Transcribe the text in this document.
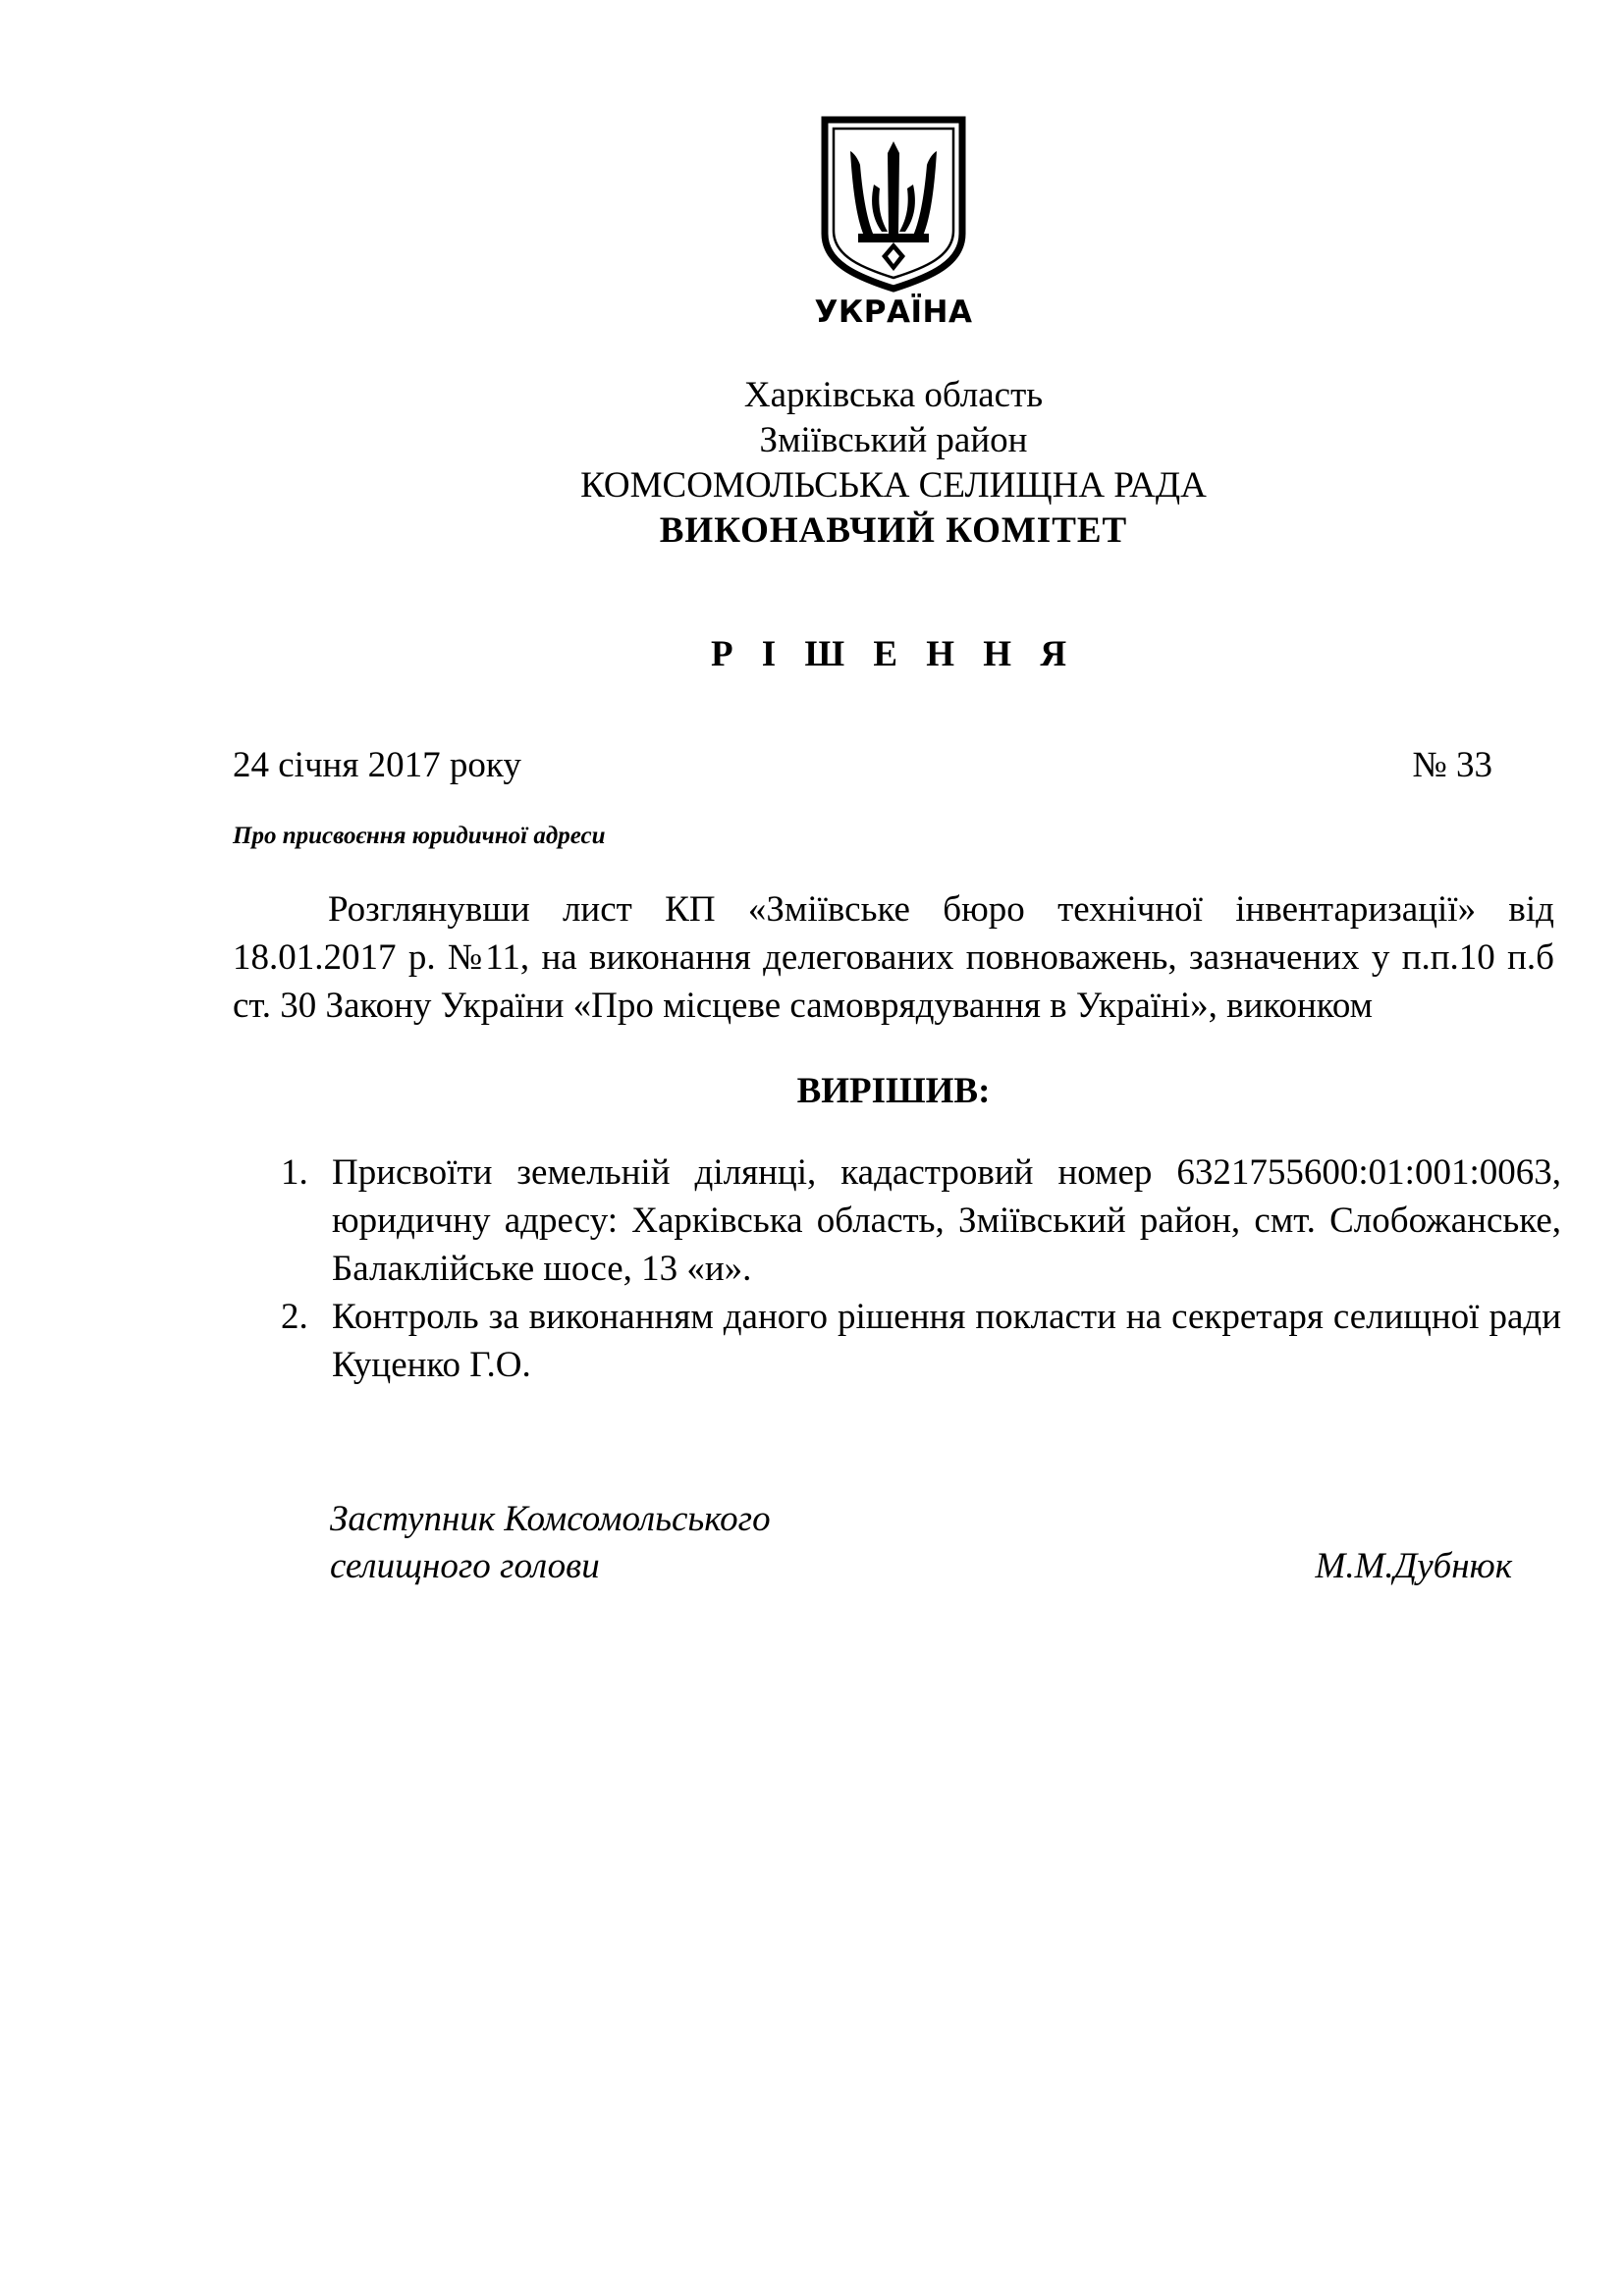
УКРАЇНА
Харківська область
Зміївський район
КОМСОМОЛЬСЬКА СЕЛИЩНА РАДА
ВИКОНАВЧИЙ КОМІТЕТ
Р І Ш Е Н Н Я
24 січня 2017 року	№ 33
Про присвоєння юридичної адреси

Розглянувши лист КП «Зміївське бюро технічної інвентаризації» від 18.01.2017 р. №11, на виконання делегованих повноважень, зазначених у п.п.10 п.б ст. 30 Закону України «Про місцеве самоврядування в Україні», виконком

ВИРІШИВ:
1. Присвоїти земельній ділянці, кадастровий номер 6321755600:01:001:0063, юридичну адресу: Харківська область, Зміївський район, смт. Слобожанське, Балаклійське шосе, 13 «и».
2. Контроль за виконанням даного рішення покласти на секретаря селищної ради Куценко Г.О.
Заступник Комсомольського
селищного голови	М.М.Дубнюк
